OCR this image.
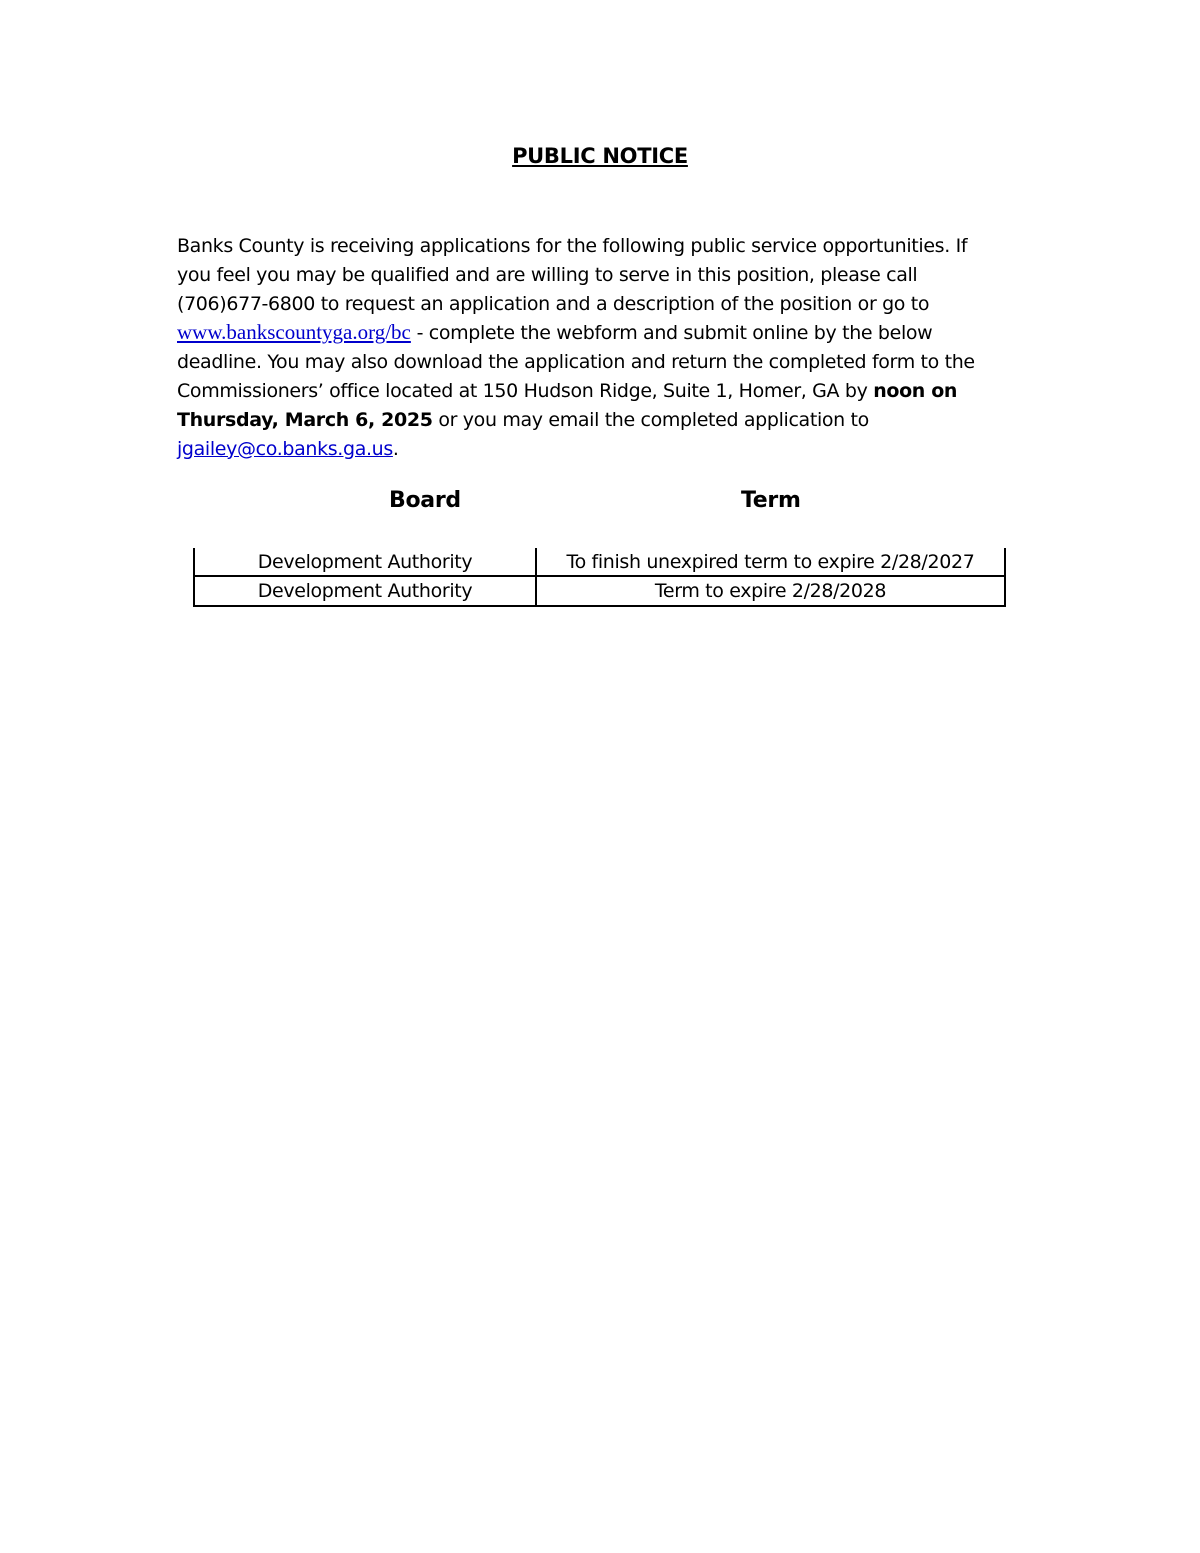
PUBLIC NOTICE
Banks County is receiving applications for the following public service opportunities. If
you feel you may be qualified and are willing to serve in this position, please call
(706)677-6800 to request an application and a description of the position or go to
www.bankscountyga.org/bc - complete the webform and submit online by the below
deadline. You may also download the application and return the completed form to the
Commissioners’ office located at 150 Hudson Ridge, Suite 1, Homer, GA by noon on
Thursday, March 6, 2025 or you may email the completed application to
jgailey@co.banks.ga.us.
Board	Term
Development Authority	To finish unexpired term to expire 2/28/2027
Development Authority	Term to expire 2/28/2028
